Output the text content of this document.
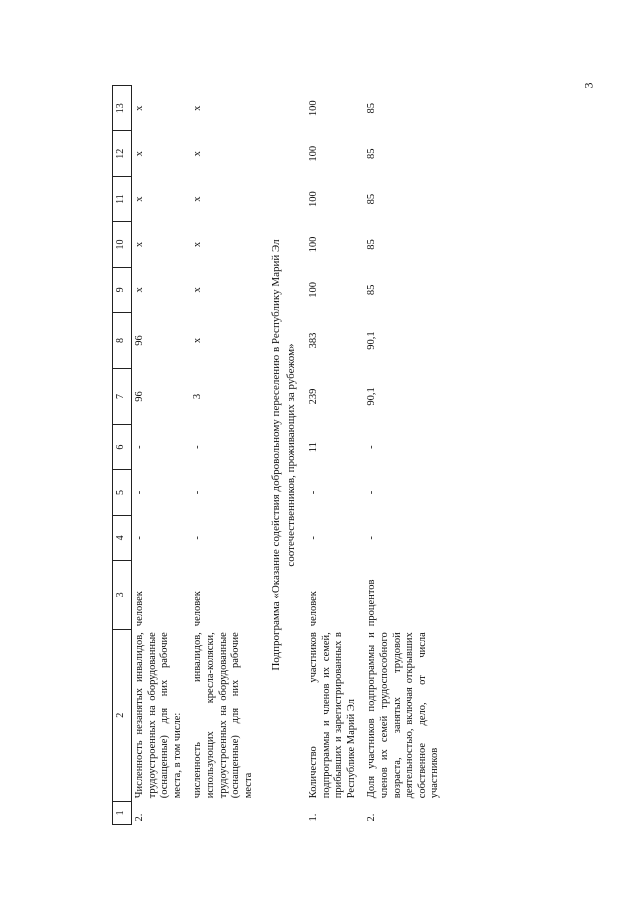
3
1	2	3	4	5	6	7	8	9	10	11	12	13
2.	Численность незанятых инвалидов, трудоустроенных на оборудованные (оснащенные) для них рабочие места, в том числе:	человек	-	-	-	96	96	x	x	x	x	x

	численность инвалидов, использующих кресла-коляски, трудоустроенных на оборудованные (оснащенные) для них рабочие места	человек	-	-	-	3	x	x	x	x	x	x

Подпрограмма «Оказание содействия добровольному переселению в Республику Марий Эл соотечественников, проживающих за рубежом»												

1.	Количество участников подпрограммы и членов их семей, прибывших и зарегистрированных в Республике Марий Эл	человек	-	-	11	239	383	100	100	100	100	100

2.	Доля участников подпрограммы и членов их семей трудоспособного возраста, занятых трудовой деятельностью, включая открывших собственное дело, от числа участников	процентов	-	-	-	90,1	90,1	85	85	85	85	85
